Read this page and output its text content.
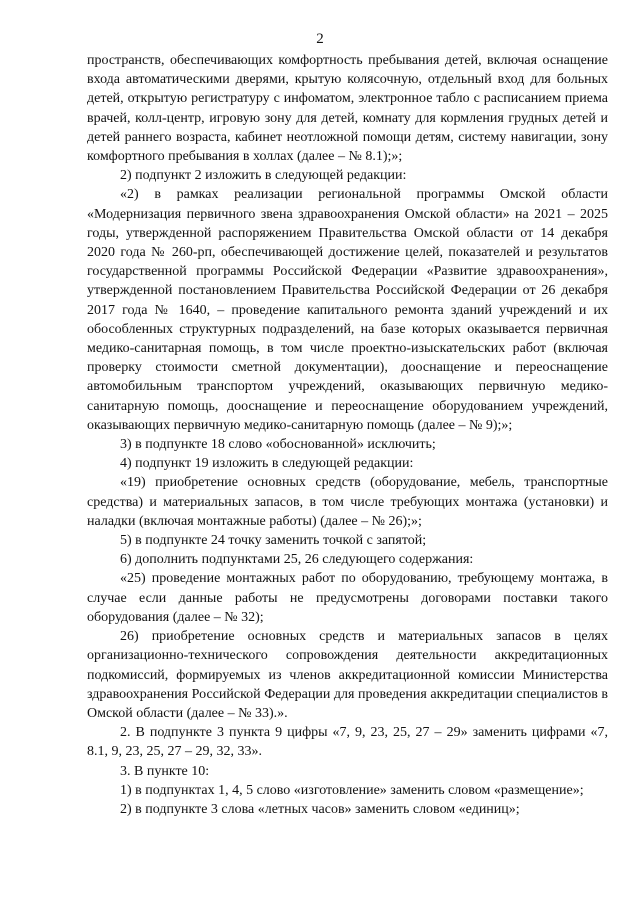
2

пространств, обеспечивающих комфортность пребывания детей, включая оснащение входа автоматическими дверями, крытую колясочную, отдельный вход для больных детей, открытую регистратуру с инфоматом, электронное табло с расписанием приема врачей, колл-центр, игровую зону для детей, комнату для кормления грудных детей и детей раннего возраста, кабинет неотложной помощи детям, систему навигации, зону комфортного пребывания в холлах (далее – № 8.1);»;

2) подпункт 2 изложить в следующей редакции:

«2) в рамках реализации региональной программы Омской области «Модернизация первичного звена здравоохранения Омской области» на 2021 – 2025 годы, утвержденной распоряжением Правительства Омской области от 14 декабря 2020 года № 260-рп, обеспечивающей достижение целей, показателей и результатов государственной программы Российской Федерации «Развитие здравоохранения», утвержденной постановлением Правительства Российской Федерации от 26 декабря 2017 года № 1640, – проведение капитального ремонта зданий учреждений и их обособленных структурных подразделений, на базе которых оказывается первичная медико-санитарная помощь, в том числе проектно-изыскательских работ (включая проверку стоимости сметной документации), дооснащение и переоснащение автомобильным транспортом учреждений, оказывающих первичную медико-санитарную помощь, дооснащение и переоснащение оборудованием учреждений, оказывающих первичную медико-санитарную помощь (далее – № 9);»;

3) в подпункте 18 слово «обоснованной» исключить;

4) подпункт 19 изложить в следующей редакции:

«19) приобретение основных средств (оборудование, мебель, транспортные средства) и материальных запасов, в том числе требующих монтажа (установки) и наладки (включая монтажные работы) (далее – № 26);»;

5) в подпункте 24 точку заменить точкой с запятой;

6) дополнить подпунктами 25, 26 следующего содержания:

«25) проведение монтажных работ по оборудованию, требующему монтажа, в случае если данные работы не предусмотрены договорами поставки такого оборудования (далее – № 32);

26) приобретение основных средств и материальных запасов в целях организационно-технического сопровождения деятельности аккредитационных подкомиссий, формируемых из членов аккредитационной комиссии Министерства здравоохранения Российской Федерации для проведения аккредитации специалистов в Омской области (далее – № 33).».

2. В подпункте 3 пункта 9 цифры «7, 9, 23, 25, 27 – 29» заменить цифрами «7, 8.1, 9, 23, 25, 27 – 29, 32, 33».

3. В пункте 10:

1) в подпунктах 1, 4, 5 слово «изготовление» заменить словом «размещение»;

2) в подпункте 3 слова «летных часов» заменить словом «единиц»;
